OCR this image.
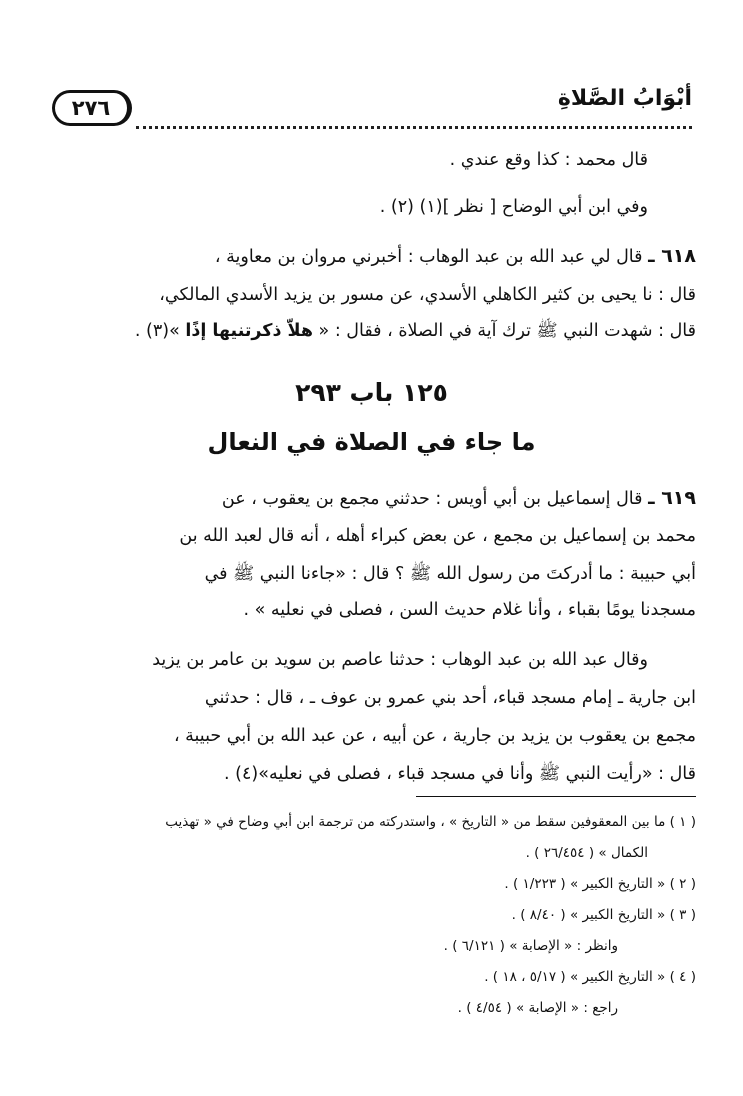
٢٧٦	أبْوَابُ الصَّلاةِ
قال محمد : كذا وقع عندي .
وفي ابن أبي الوضاح [ نظر ](١) (٢) .
٦١٨ ـ قال لي عبد الله بن عبد الوهاب : أخبرني مروان بن معاوية ،
قال : نا يحيى بن كثير الكاهلي الأسدي، عن مسور بن يزيد الأسدي المالكي،
قال : شهدت النبي ﷺ ترك آية في الصلاة ، فقال : « هلاّ ذكرتنيها إذًا »(٣) .
١٢٥ باب ٢٩٣
ما جاء في الصلاة في النعال
٦١٩ ـ قال إسماعيل بن أبي أويس : حدثني مجمع بن يعقوب ، عن
محمد بن إسماعيل بن مجمع ، عن بعض كبراء أهله ، أنه قال لعبد الله بن
أبي حبيبة : ما أدركتَ من رسول الله ﷺ ؟ قال : «جاءنا النبي ﷺ في
مسجدنا يومًا بقباء ، وأنا غلام حديث السن ، فصلى في نعليه » .
وقال عبد الله بن عبد الوهاب : حدثنا عاصم بن سويد بن عامر بن يزيد
ابن جارية ـ إمام مسجد قباء، أحد بني عمرو بن عوف ـ ، قال : حدثني
مجمع بن يعقوب بن يزيد بن جارية ، عن أبيه ، عن عبد الله بن أبي حبيبة ،
قال : «رأيت النبي ﷺ وأنا في مسجد قباء ، فصلى في نعليه»(٤) .
( ١ ) ما بين المعقوفين سقط من « التاريخ » ، واستدركته من ترجمة ابن أبي وضاح في « تهذيب
الكمال » ( ٢٦/٤٥٤ ) .
( ٢ ) « التاريخ الكبير » ( ١/٢٢٣ ) .
( ٣ ) « التاريخ الكبير » ( ٨/٤٠ ) .
وانظر : « الإصابة » ( ٦/١٢١ ) .
( ٤ ) « التاريخ الكبير » ( ٥/١٧ ، ١٨ ) .
راجع : « الإصابة » ( ٤/٥٤ ) .
